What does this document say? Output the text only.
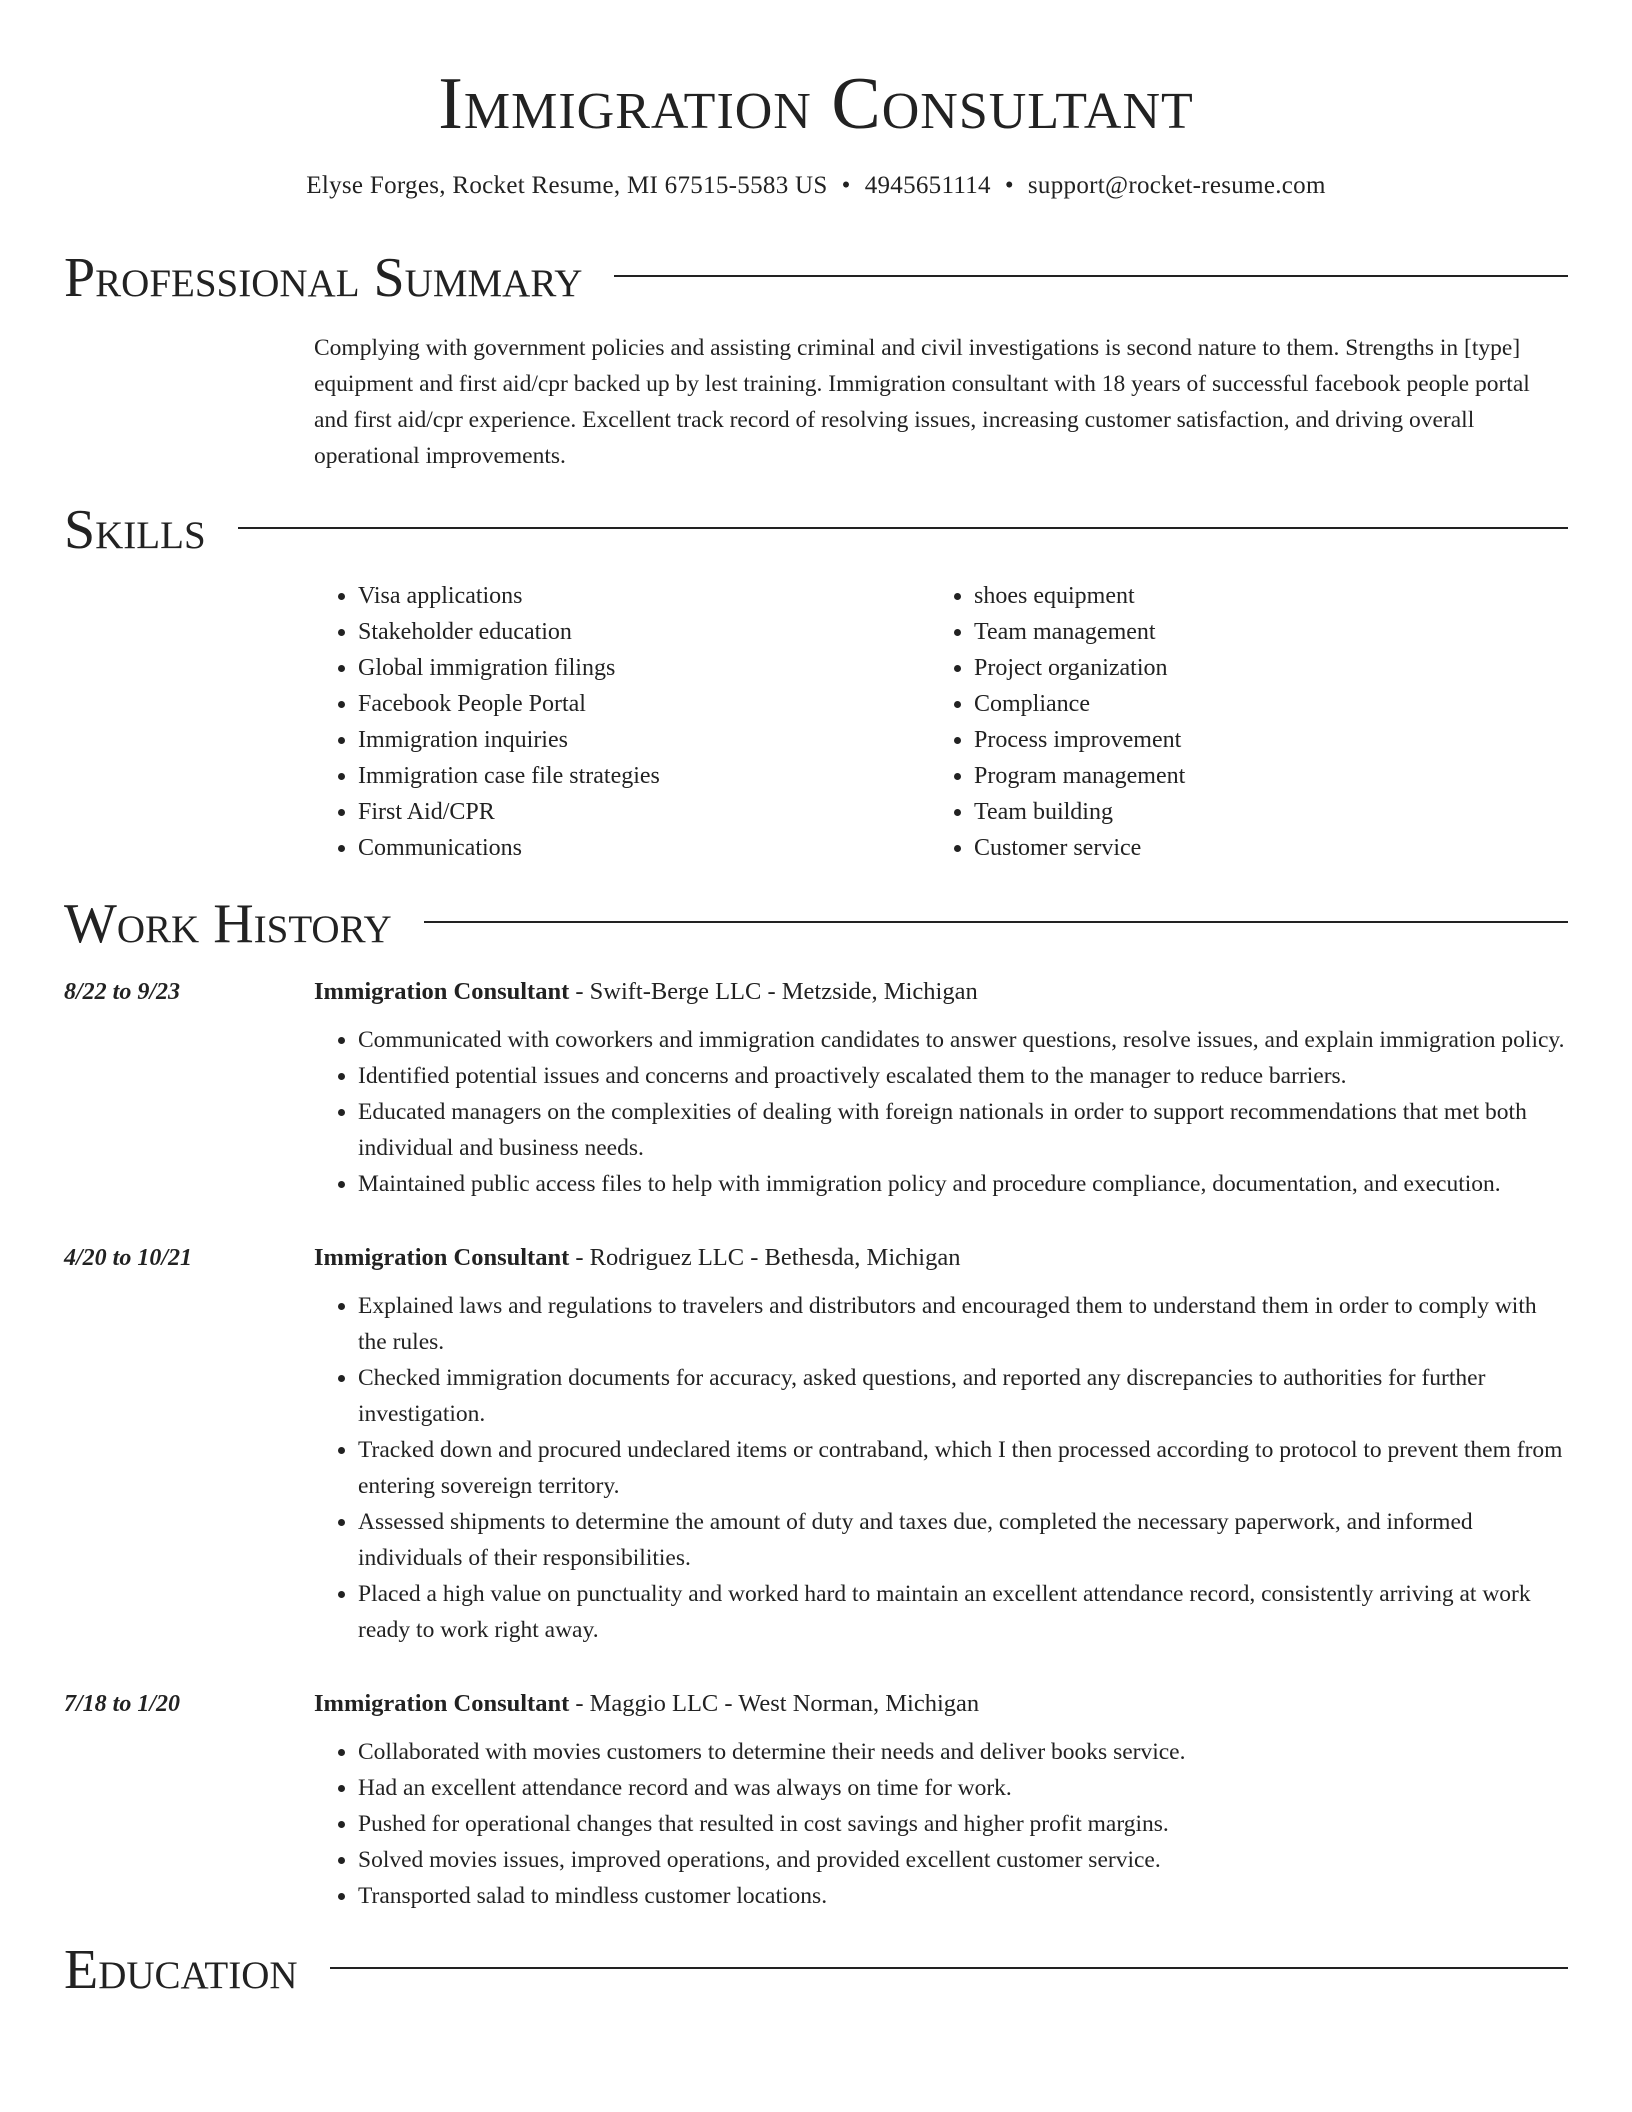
Immigration Consultant
Elyse Forges, Rocket Resume, MI 67515-5583 US • 4945651114 • support@rocket-resume.com
Professional Summary
Complying with government policies and assisting criminal and civil investigations is second nature to them. Strengths in [type] equipment and first aid/cpr backed up by lest training. Immigration consultant with 18 years of successful facebook people portal and first aid/cpr experience. Excellent track record of resolving issues, increasing customer satisfaction, and driving overall operational improvements.
Skills
• Visa applications
• Stakeholder education
• Global immigration filings
• Facebook People Portal
• Immigration inquiries
• Immigration case file strategies
• First Aid/CPR
• Communications
• shoes equipment
• Team management
• Project organization
• Compliance
• Process improvement
• Program management
• Team building
• Customer service
Work History
8/22 to 9/23	Immigration Consultant - Swift-Berge LLC - Metzside, Michigan
• Communicated with coworkers and immigration candidates to answer questions, resolve issues, and explain immigration policy.
• Identified potential issues and concerns and proactively escalated them to the manager to reduce barriers.
• Educated managers on the complexities of dealing with foreign nationals in order to support recommendations that met both individual and business needs.
• Maintained public access files to help with immigration policy and procedure compliance, documentation, and execution.
4/20 to 10/21	Immigration Consultant - Rodriguez LLC - Bethesda, Michigan
• Explained laws and regulations to travelers and distributors and encouraged them to understand them in order to comply with the rules.
• Checked immigration documents for accuracy, asked questions, and reported any discrepancies to authorities for further investigation.
• Tracked down and procured undeclared items or contraband, which I then processed according to protocol to prevent them from entering sovereign territory.
• Assessed shipments to determine the amount of duty and taxes due, completed the necessary paperwork, and informed individuals of their responsibilities.
• Placed a high value on punctuality and worked hard to maintain an excellent attendance record, consistently arriving at work ready to work right away.
7/18 to 1/20	Immigration Consultant - Maggio LLC - West Norman, Michigan
• Collaborated with movies customers to determine their needs and deliver books service.
• Had an excellent attendance record and was always on time for work.
• Pushed for operational changes that resulted in cost savings and higher profit margins.
• Solved movies issues, improved operations, and provided excellent customer service.
• Transported salad to mindless customer locations.
Education
